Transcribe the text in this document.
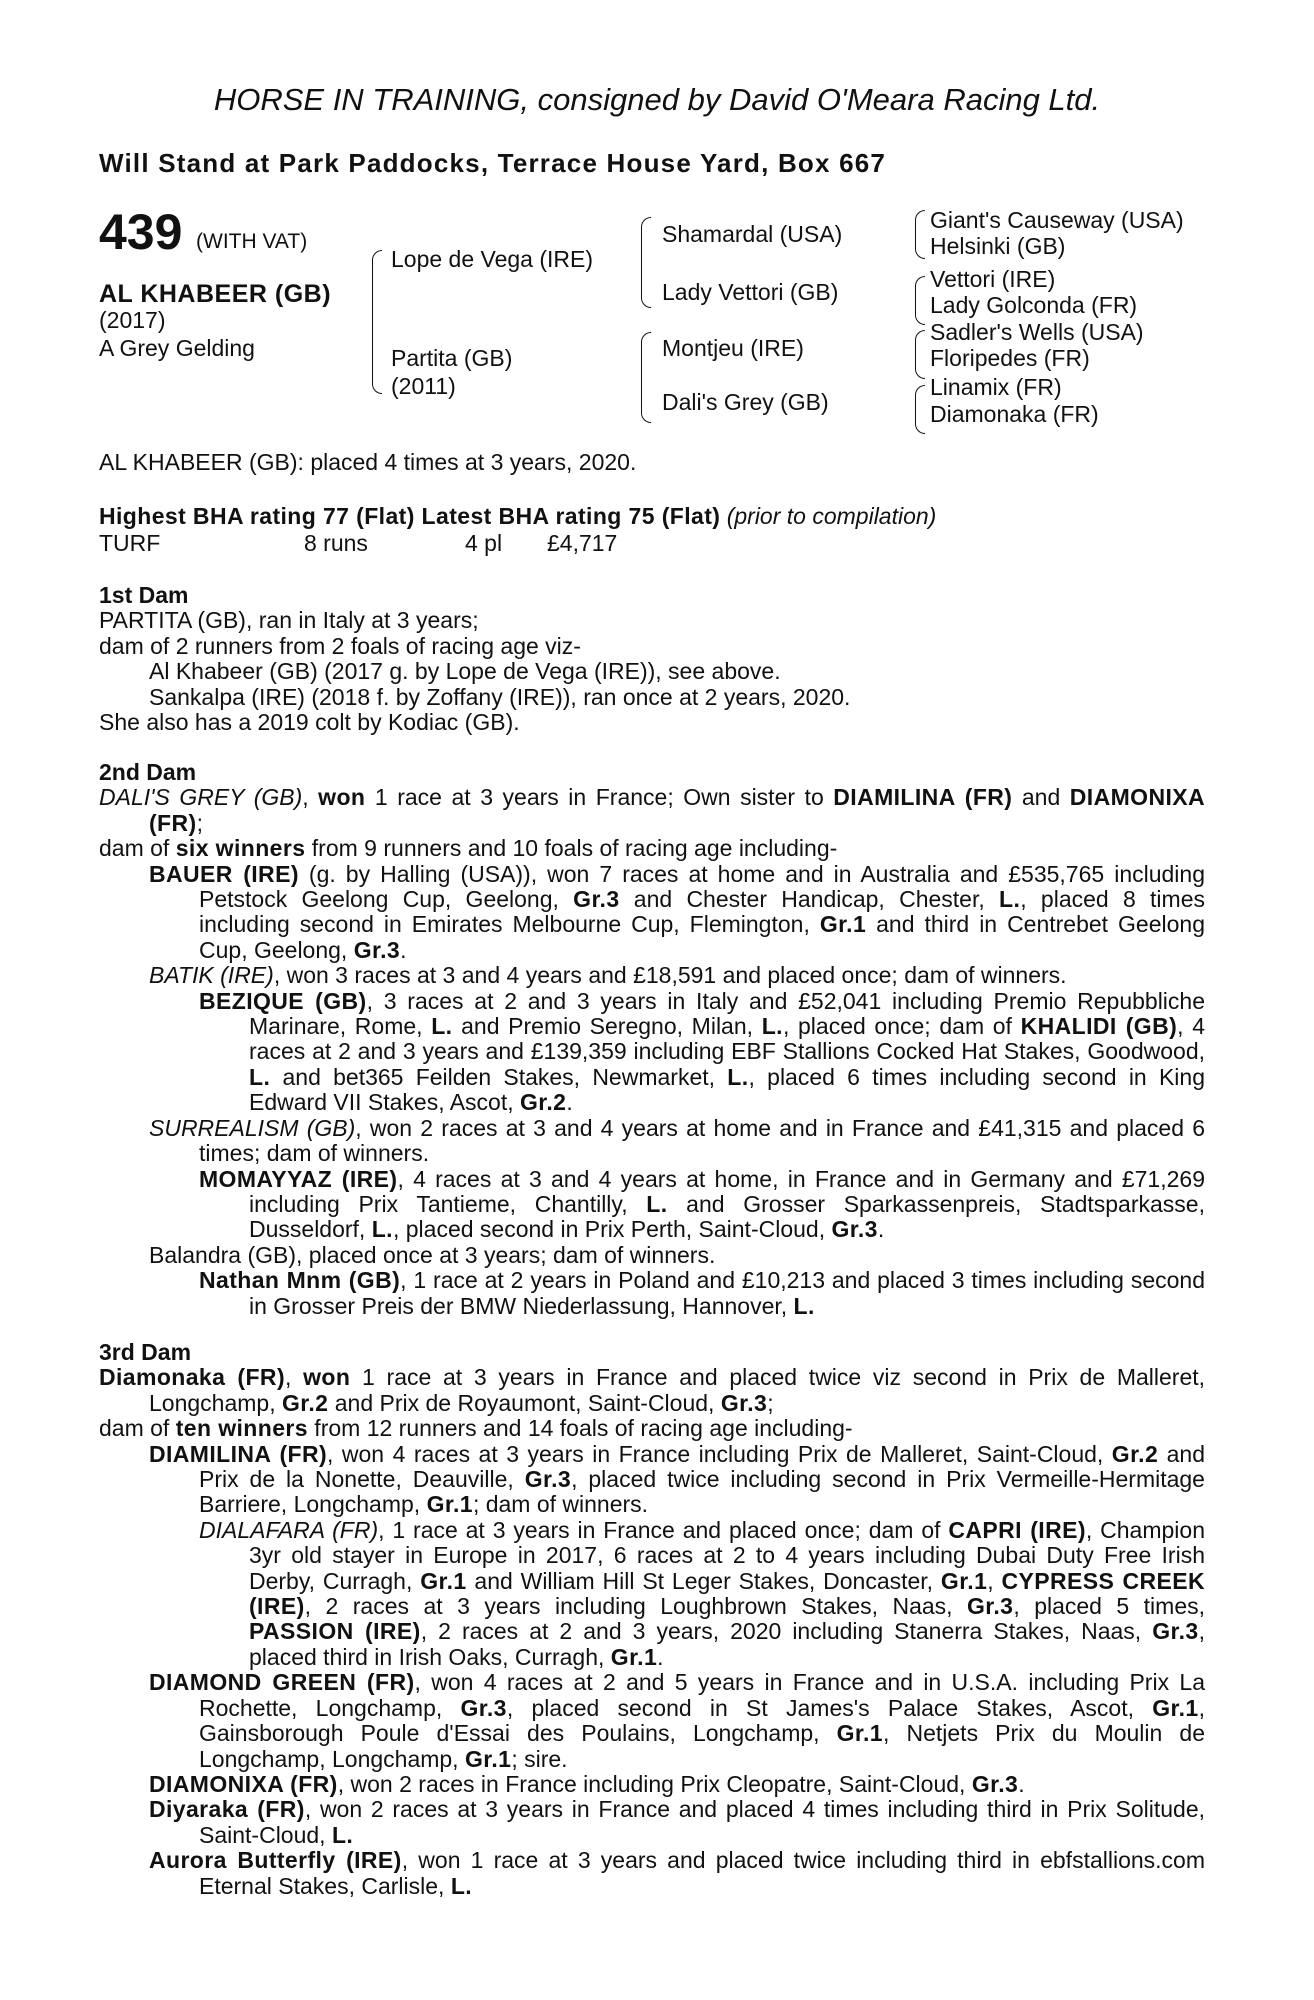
HORSE IN TRAINING, consigned by David O'Meara Racing Ltd.
Will Stand at Park Paddocks, Terrace House Yard, Box 667
439 (WITH VAT)
AL KHABEER (GB)
(2017)
A Grey Gelding
Lope de Vega (IRE)
Partita (GB)
(2011)
Shamardal (USA)
Lady Vettori (GB)
Montjeu (IRE)
Dali's Grey (GB)
Giant's Causeway (USA)
Helsinki (GB)
Vettori (IRE)
Lady Golconda (FR)
Sadler's Wells (USA)
Floripedes (FR)
Linamix (FR)
Diamonaka (FR)
AL KHABEER (GB): placed 4 times at 3 years, 2020.
Highest BHA rating 77 (Flat) Latest BHA rating 75 (Flat) (prior to compilation)
TURF	8 runs	4 pl £4,717

1st Dam

PARTITA (GB), ran in Italy at 3 years;

dam of 2 runners from 2 foals of racing age viz-

Al Khabeer (GB) (2017 g. by Lope de Vega (IRE)), see above.

Sankalpa (IRE) (2018 f. by Zoffany (IRE)), ran once at 2 years, 2020.

She also has a 2019 colt by Kodiac (GB).

2nd Dam

DALI'S GREY (GB), won 1 race at 3 years in France; Own sister to DIAMILINA (FR) and DIAMONIXA (FR);

dam of six winners from 9 runners and 10 foals of racing age including-

BAUER (IRE) (g. by Halling (USA)), won 7 races at home and in Australia and £535,765 including Petstock Geelong Cup, Geelong, Gr.3 and Chester Handicap, Chester, L., placed 8 times including second in Emirates Melbourne Cup, Flemington, Gr.1 and third in Centrebet Geelong Cup, Geelong, Gr.3.

BATIK (IRE), won 3 races at 3 and 4 years and £18,591 and placed once; dam of winners.

BEZIQUE (GB), 3 races at 2 and 3 years in Italy and £52,041 including Premio Repubbliche Marinare, Rome, L. and Premio Seregno, Milan, L., placed once; dam of KHALIDI (GB), 4 races at 2 and 3 years and £139,359 including EBF Stallions Cocked Hat Stakes, Goodwood, L. and bet365 Feilden Stakes, Newmarket, L., placed 6 times including second in King Edward VII Stakes, Ascot, Gr.2.

SURREALISM (GB), won 2 races at 3 and 4 years at home and in France and £41,315 and placed 6 times; dam of winners.

MOMAYYAZ (IRE), 4 races at 3 and 4 years at home, in France and in Germany and £71,269 including Prix Tantieme, Chantilly, L. and Grosser Sparkassenpreis, Stadtsparkasse, Dusseldorf, L., placed second in Prix Perth, Saint-Cloud, Gr.3.

Balandra (GB), placed once at 3 years; dam of winners.

Nathan Mnm (GB), 1 race at 2 years in Poland and £10,213 and placed 3 times including second in Grosser Preis der BMW Niederlassung, Hannover, L.

3rd Dam

Diamonaka (FR), won 1 race at 3 years in France and placed twice viz second in Prix de Malleret, Longchamp, Gr.2 and Prix de Royaumont, Saint-Cloud, Gr.3;

dam of ten winners from 12 runners and 14 foals of racing age including-

DIAMILINA (FR), won 4 races at 3 years in France including Prix de Malleret, Saint-Cloud, Gr.2 and Prix de la Nonette, Deauville, Gr.3, placed twice including second in Prix Vermeille-Hermitage Barriere, Longchamp, Gr.1; dam of winners.

DIALAFARA (FR), 1 race at 3 years in France and placed once; dam of CAPRI (IRE), Champion 3yr old stayer in Europe in 2017, 6 races at 2 to 4 years including Dubai Duty Free Irish Derby, Curragh, Gr.1 and William Hill St Leger Stakes, Doncaster, Gr.1, CYPRESS CREEK (IRE), 2 races at 3 years including Loughbrown Stakes, Naas, Gr.3, placed 5 times, PASSION (IRE), 2 races at 2 and 3 years, 2020 including Stanerra Stakes, Naas, Gr.3, placed third in Irish Oaks, Curragh, Gr.1.

DIAMOND GREEN (FR), won 4 races at 2 and 5 years in France and in U.S.A. including Prix La Rochette, Longchamp, Gr.3, placed second in St James's Palace Stakes, Ascot, Gr.1, Gainsborough Poule d'Essai des Poulains, Longchamp, Gr.1, Netjets Prix du Moulin de Longchamp, Longchamp, Gr.1; sire.

DIAMONIXA (FR), won 2 races in France including Prix Cleopatre, Saint-Cloud, Gr.3.

Diyaraka (FR), won 2 races at 3 years in France and placed 4 times including third in Prix Solitude, Saint-Cloud, L.

Aurora Butterfly (IRE), won 1 race at 3 years and placed twice including third in ebfstallions.com Eternal Stakes, Carlisle, L.
